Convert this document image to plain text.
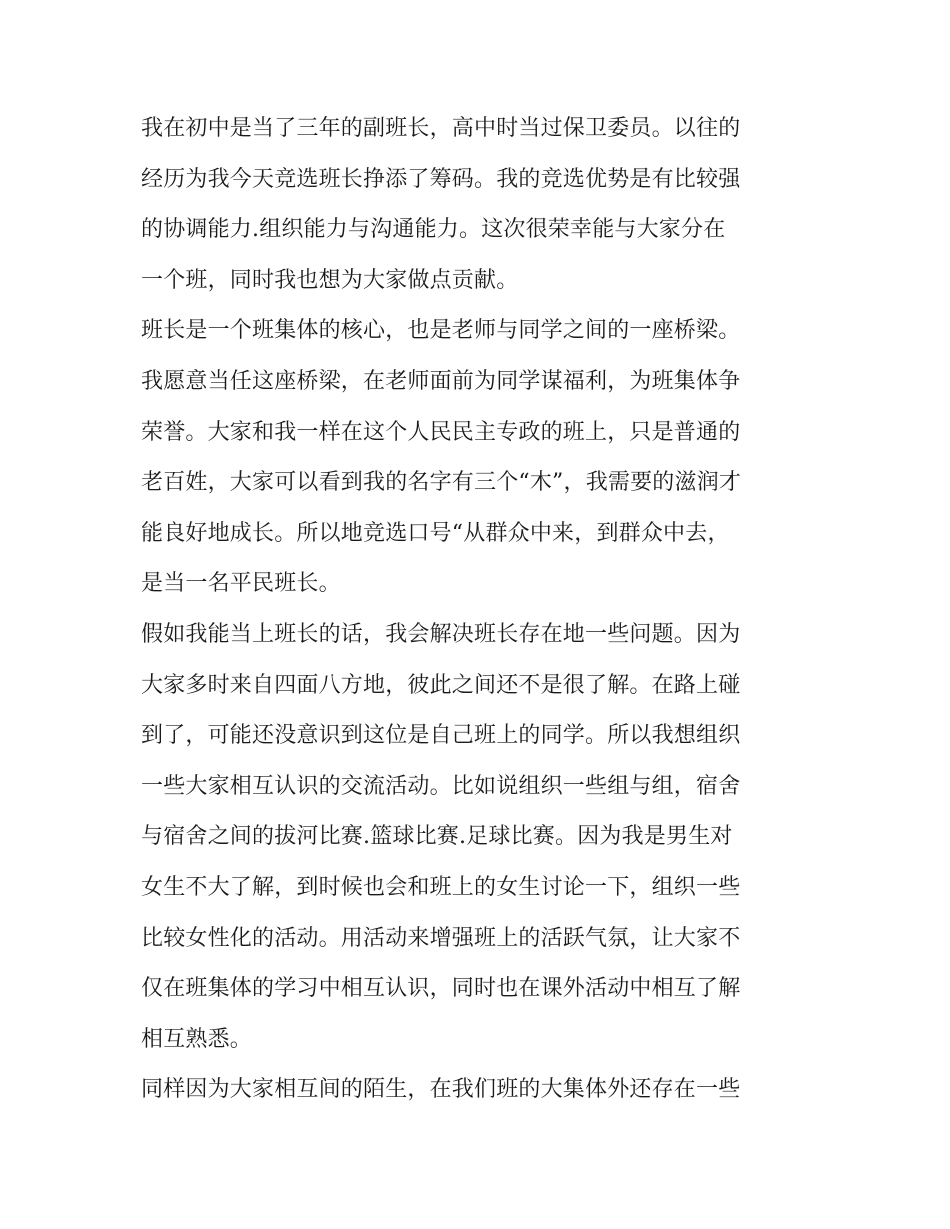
我在初中是当了三年的副班长，高中时当过保卫委员。以往的
经历为我今天竞选班长挣添了筹码。我的竞选优势是有比较强
的协调能力.组织能力与沟通能力。这次很荣幸能与大家分在
一个班，同时我也想为大家做点贡献。
班长是一个班集体的核心，也是老师与同学之间的一座桥梁。
我愿意当任这座桥梁，在老师面前为同学谋福利，为班集体争
荣誉。大家和我一样在这个人民民主专政的班上，只是普通的
老百姓，大家可以看到我的名字有三个“木”，我需要的滋润才
能良好地成长。所以地竞选口号“从群众中来，到群众中去，
是当一名平民班长。
假如我能当上班长的话，我会解决班长存在地一些问题。因为
大家多时来自四面八方地，彼此之间还不是很了解。在路上碰
到了，可能还没意识到这位是自己班上的同学。所以我想组织
一些大家相互认识的交流活动。比如说组织一些组与组，宿舍
与宿舍之间的拔河比赛.篮球比赛.足球比赛。因为我是男生对
女生不大了解，到时候也会和班上的女生讨论一下，组织一些
比较女性化的活动。用活动来增强班上的活跃气氛，让大家不
仅在班集体的学习中相互认识，同时也在课外活动中相互了解
相互熟悉。
同样因为大家相互间的陌生，在我们班的大集体外还存在一些
